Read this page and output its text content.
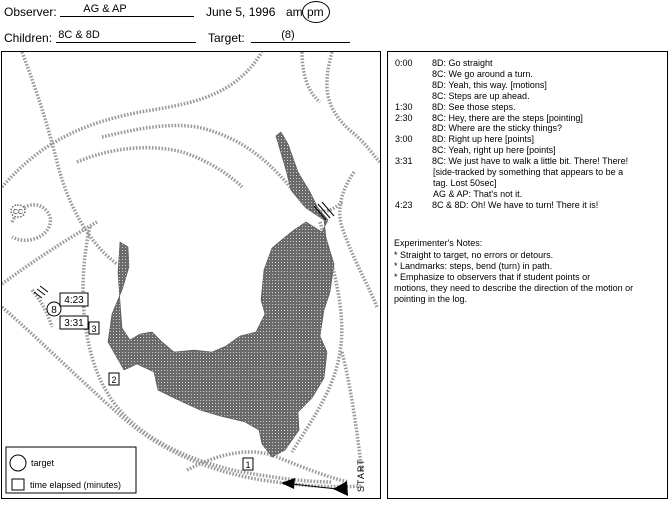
Observer:	AG & AP	June 5, 1996 am pm
Children: 8C & 8D	Target:	(8)
8
4:23
3:31 3
2
1
CC
START
target
time elapsed (minutes)
0:00 8D: Go straight
8C: We go around a turn.
8D: Yeah, this way. [motions]
8C: Steps are up ahead.
1:30 8D: See those steps.
2:30 8C: Hey, there are the steps [pointing]
8D: Where are the sticky things?
3:00 8D: Right up here [points]
8C: Yeah, right up here [points]
3:31 8C: We just have to walk a little bit. There! There!
[side-tracked by something that appears to be a
tag. Lost 50sec]
AG & AP: That's not it.
4:23 8C & 8D: Oh! We have to turn! There it is!
Experimenter's Notes:
* Straight to target, no errors or detours.
* Landmarks: steps, bend (turn) in path.
* Emphasize to observers that if student points or
motions, they need to describe the direction of the motion or
pointing in the log.
